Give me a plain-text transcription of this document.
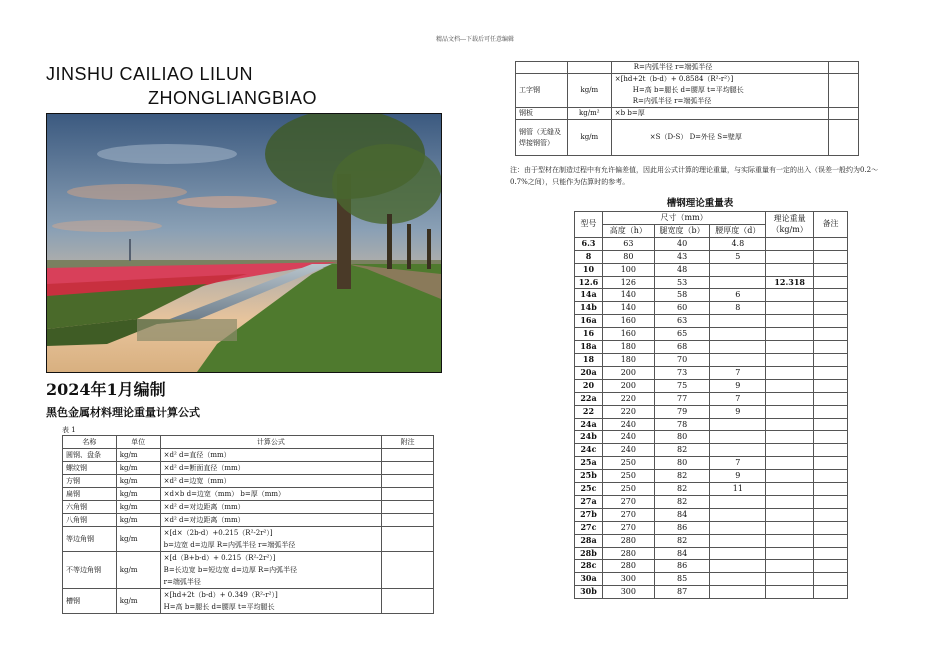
精品文档---下载后可任意编辑
JINSHU CAILIAO LILUN
ZHONGLIANGBIAO
2024年1月编制
黑色金属材料理论重量计算公式
表 1
名称	单位	计算公式	附注
圆钢、盘条	kg/m	×d² d=直径（mm）	

螺纹钢	kg/m	×d² d=断面直径（mm）	

方钢	kg/m	×d² d=边宽（mm）	

扁钢	kg/m	×d×b d=边宽（mm） b=厚（mm）	

六角钢	kg/m	×d² d=对边距离（mm）	

八角钢	kg/m	×d² d=对边距离（mm）	

等边角钢	kg/m	×[d×（2b-d）+0.215（R²-2r²）]
b=边宽 d=边厚 R=内弧半径 r=端弧半径	

不等边角钢	kg/m	×[d（B+b-d）+ 0.215（R²-2r²）]
B=长边宽 b=短边宽 d=边厚 R=内弧半径
r=端弧半径	

槽钢	kg/m	×[hd+2t（b-d）+ 0.349（R²-r²）]
H=高 b=腿长 d=腰厚 t=平均腿长	

		R=内弧半径 r=端弧半径	

工字钢	kg/m	×[hd+2t（b-d）+ 0.8584（R²-r²）]
H=高 b=腿长 d=腰厚 t=平均腿长
R=内弧半径 r=端弧半径	

钢板	kg/m²	×b b=厚	

钢管（无缝及焊接钢管）	kg/m	×S（D-S） D=外径 S=壁厚	

注：由于型材在制造过程中有允许偏差值，因此用公式计算的理论重量，与实际重量有一定的出入（误差一般约为0.2～0.7%之间），只能作为估算时的参考。
槽钢理论重量表
型号	尺寸（mm）			理论重量（kg/m）	备注
	高度（h）	腿宽度（b）	腰厚度（d）		
6.3	63	40	4.8		
8	80	43	5		
10	100	48			
12.6	126	53		12.318	
14a	140	58	6		
14b	140	60	8		
16a	160	63			
16	160	65			
18a	180	68			
18	180	70			
20a	200	73	7		
20	200	75	9		
22a	220	77	7		
22	220	79	9		
24a	240	78			
24b	240	80			
24c	240	82			
25a	250	80	7		
25b	250	82	9		
25c	250	82	11		
27a	270	82			
27b	270	84			
27c	270	86			
28a	280	82			
28b	280	84			
28c	280	86			
30a	300	85			
30b	300	87			
